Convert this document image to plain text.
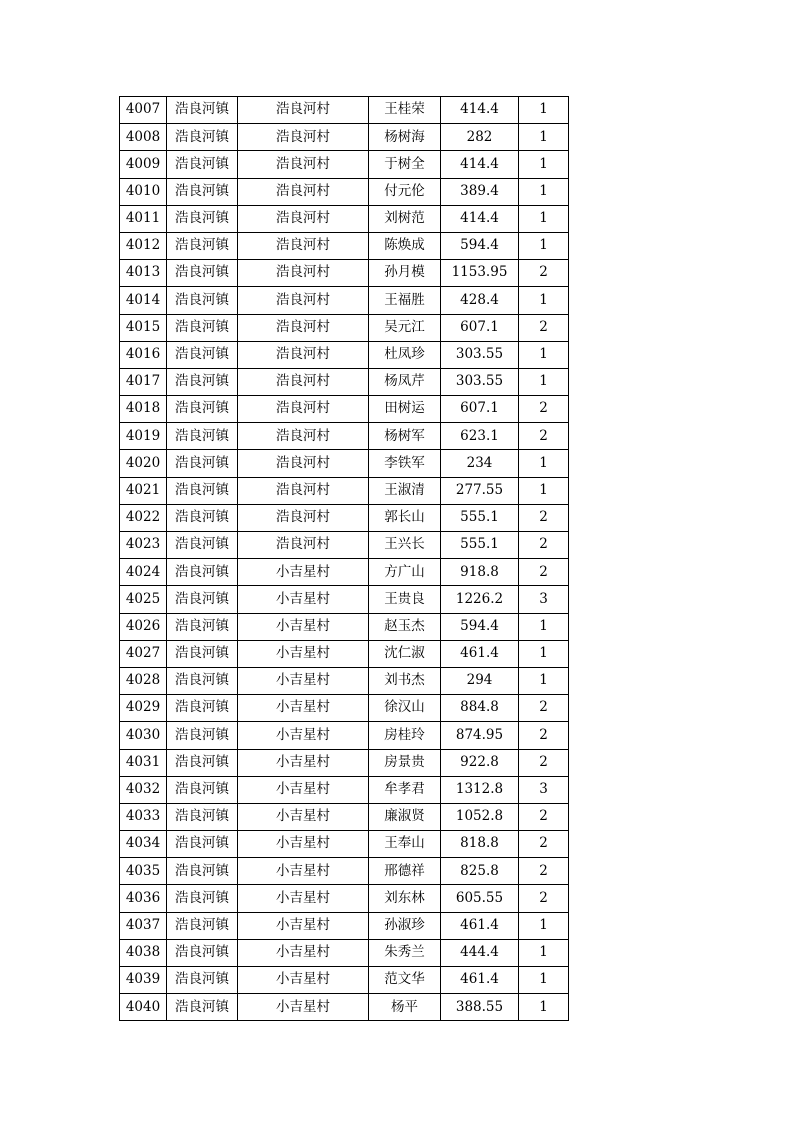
4007	浩良河镇	浩良河村	王桂荣	414.4	1
4008	浩良河镇	浩良河村	杨树海	282	1
4009	浩良河镇	浩良河村	于树全	414.4	1
4010	浩良河镇	浩良河村	付元伦	389.4	1
4011	浩良河镇	浩良河村	刘树范	414.4	1
4012	浩良河镇	浩良河村	陈焕成	594.4	1
4013	浩良河镇	浩良河村	孙月模	1153.95	2
4014	浩良河镇	浩良河村	王福胜	428.4	1
4015	浩良河镇	浩良河村	吴元江	607.1	2
4016	浩良河镇	浩良河村	杜凤珍	303.55	1
4017	浩良河镇	浩良河村	杨凤芹	303.55	1
4018	浩良河镇	浩良河村	田树运	607.1	2
4019	浩良河镇	浩良河村	杨树军	623.1	2
4020	浩良河镇	浩良河村	李铁军	234	1
4021	浩良河镇	浩良河村	王淑清	277.55	1
4022	浩良河镇	浩良河村	郭长山	555.1	2
4023	浩良河镇	浩良河村	王兴长	555.1	2
4024	浩良河镇	小吉星村	方广山	918.8	2
4025	浩良河镇	小吉星村	王贵良	1226.2	3
4026	浩良河镇	小吉星村	赵玉杰	594.4	1
4027	浩良河镇	小吉星村	沈仁淑	461.4	1
4028	浩良河镇	小吉星村	刘书杰	294	1
4029	浩良河镇	小吉星村	徐汉山	884.8	2
4030	浩良河镇	小吉星村	房桂玲	874.95	2
4031	浩良河镇	小吉星村	房景贵	922.8	2
4032	浩良河镇	小吉星村	牟孝君	1312.8	3
4033	浩良河镇	小吉星村	廉淑贤	1052.8	2
4034	浩良河镇	小吉星村	王奉山	818.8	2
4035	浩良河镇	小吉星村	邢德祥	825.8	2
4036	浩良河镇	小吉星村	刘东林	605.55	2
4037	浩良河镇	小吉星村	孙淑珍	461.4	1
4038	浩良河镇	小吉星村	朱秀兰	444.4	1
4039	浩良河镇	小吉星村	范文华	461.4	1
4040	浩良河镇	小吉星村	杨平	388.55	1
